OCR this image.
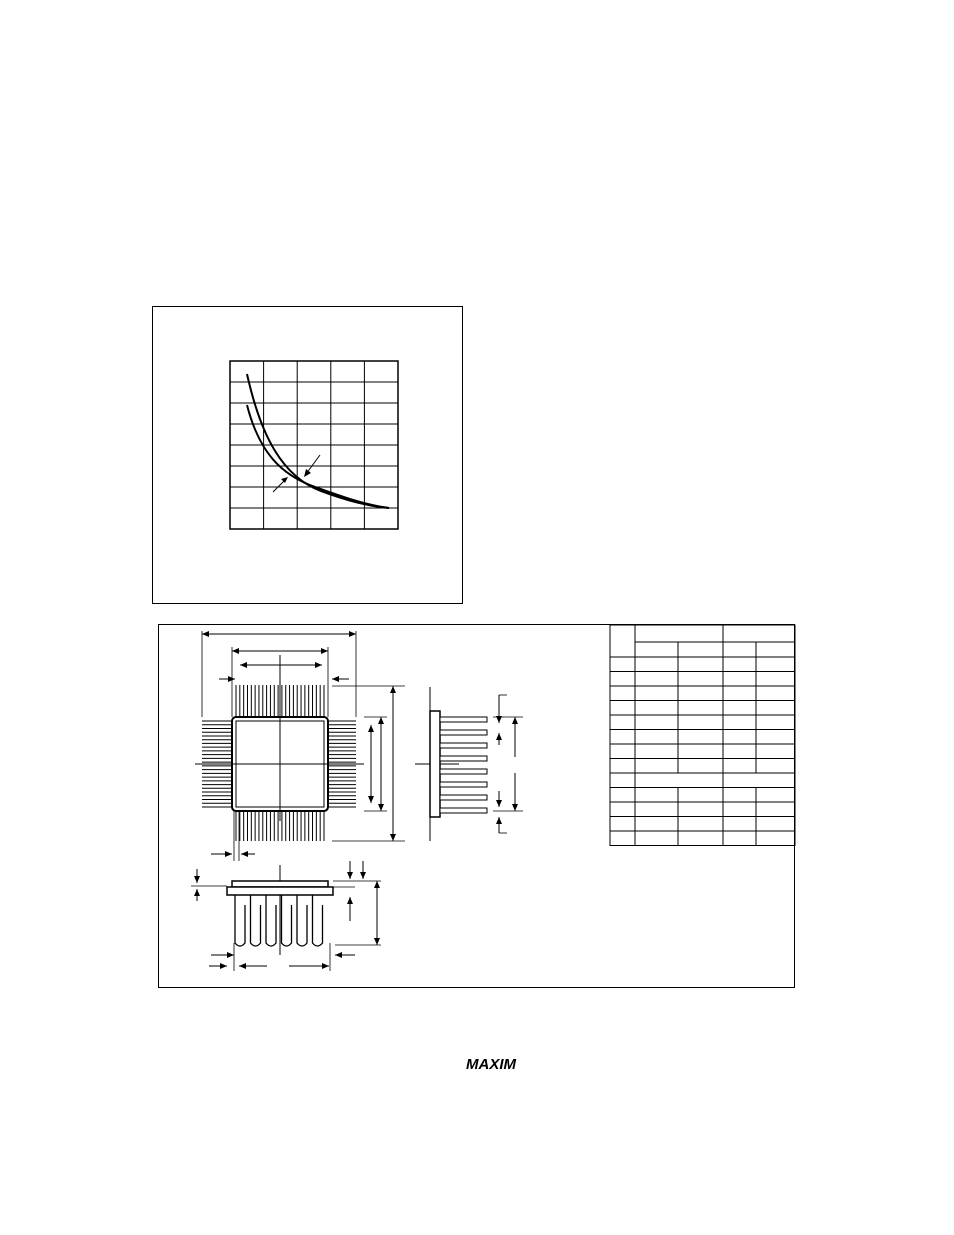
MAXIM
